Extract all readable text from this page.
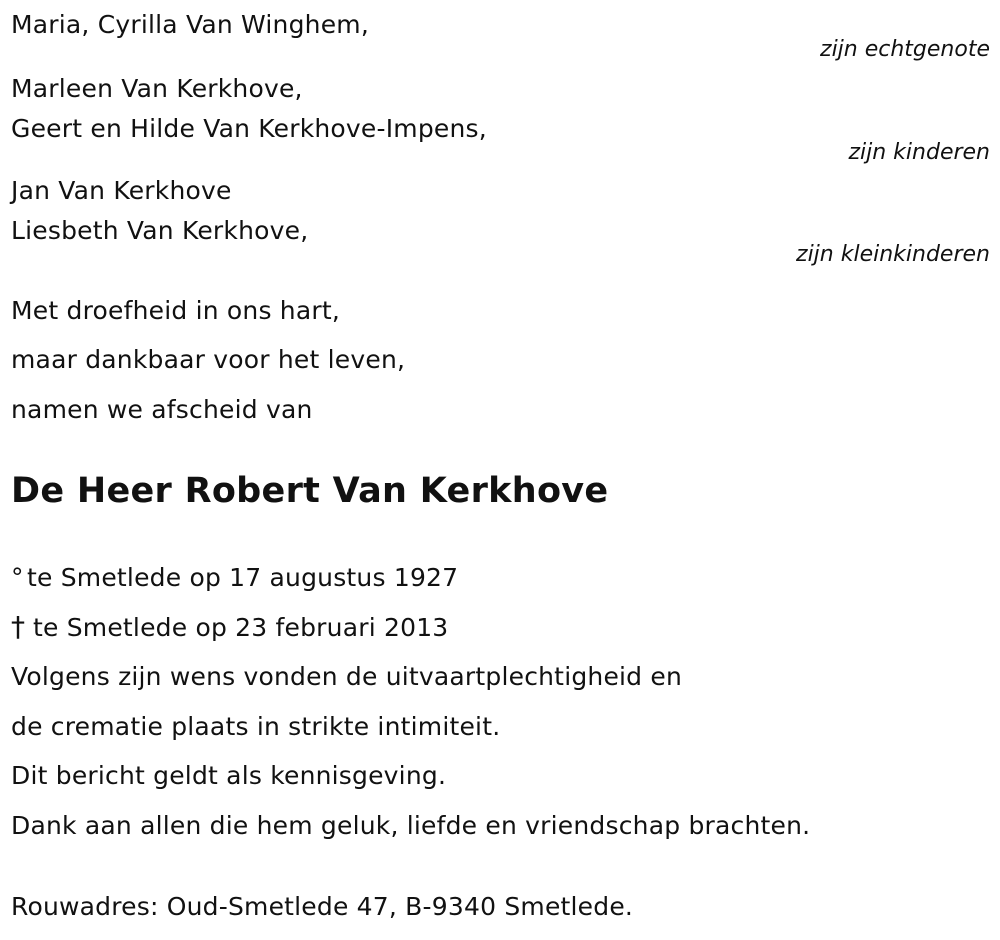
Maria, Cyrilla Van Winghem,
zijn echtgenote
Marleen Van Kerkhove,
Geert en Hilde Van Kerkhove-Impens,
zijn kinderen
Jan Van Kerkhove
Liesbeth Van Kerkhove,
zijn kleinkinderen
Met droefheid in ons hart,
maar dankbaar voor het leven,
namen we afscheid van
De Heer Robert Van Kerkhove
° te Smetlede op 17 augustus 1927
† te Smetlede op 23 februari 2013
Volgens zijn wens vonden de uitvaartplechtigheid en
de crematie plaats in strikte intimiteit.
Dit bericht geldt als kennisgeving.
Dank aan allen die hem geluk, liefde en vriendschap brachten.
Rouwadres: Oud-Smetlede 47, B-9340 Smetlede.
